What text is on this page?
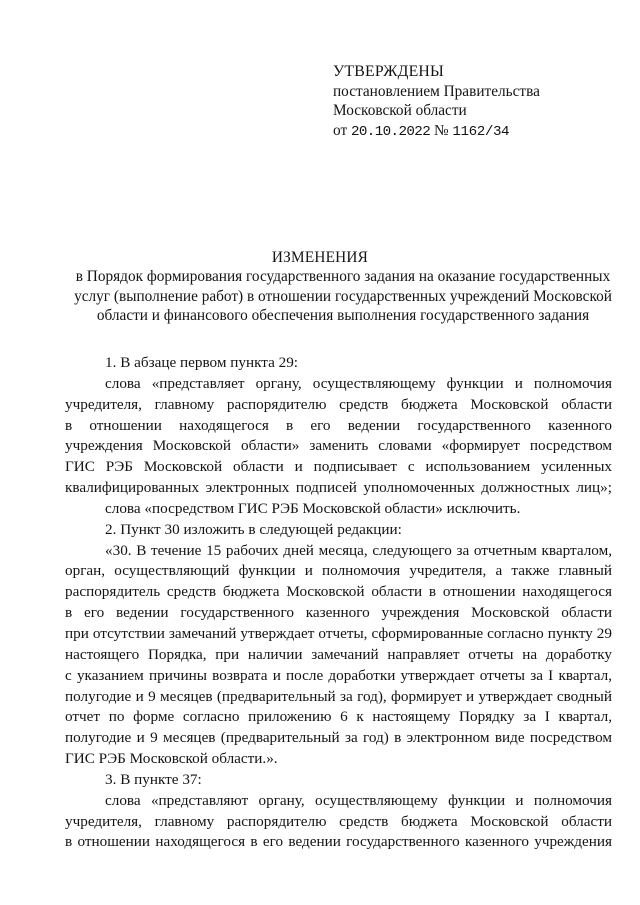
УТВЕРЖДЕНЫ
постановлением Правительства
Московской области
от 20.10.2022 № 1162/34
ИЗМЕНЕНИЯ
в Порядок формирования государственного задания на оказание государственных
услуг (выполнение работ) в отношении государственных учреждений Московской
области и финансового обеспечения выполнения государственного задания
1. В абзаце первом пункта 29:
слова «представляет органу, осуществляющему функции и полномочия
учредителя, главному распорядителю средств бюджета Московской области
в отношении находящегося в его ведении государственного казенного
учреждения Московской области» заменить словами «формирует посредством
ГИС РЭБ Московской области и подписывает с использованием усиленных
квалифицированных электронных подписей уполномоченных должностных лиц»;
слова «посредством ГИС РЭБ Московской области» исключить.
2. Пункт 30 изложить в следующей редакции:
«30. В течение 15 рабочих дней месяца, следующего за отчетным кварталом,
орган, осуществляющий функции и полномочия учредителя, а также главный
распорядитель средств бюджета Московской области в отношении находящегося
в его ведении государственного казенного учреждения Московской области
при отсутствии замечаний утверждает отчеты, сформированные согласно пункту 29
настоящего Порядка, при наличии замечаний направляет отчеты на доработку
с указанием причины возврата и после доработки утверждает отчеты за I квартал,
полугодие и 9 месяцев (предварительный за год), формирует и утверждает сводный
отчет по форме согласно приложению 6 к настоящему Порядку за I квартал,
полугодие и 9 месяцев (предварительный за год) в электронном виде посредством
ГИС РЭБ Московской области.».
3. В пункте 37:
слова «представляют органу, осуществляющему функции и полномочия
учредителя, главному распорядителю средств бюджета Московской области
в отношении находящегося в его ведении государственного казенного учреждения
